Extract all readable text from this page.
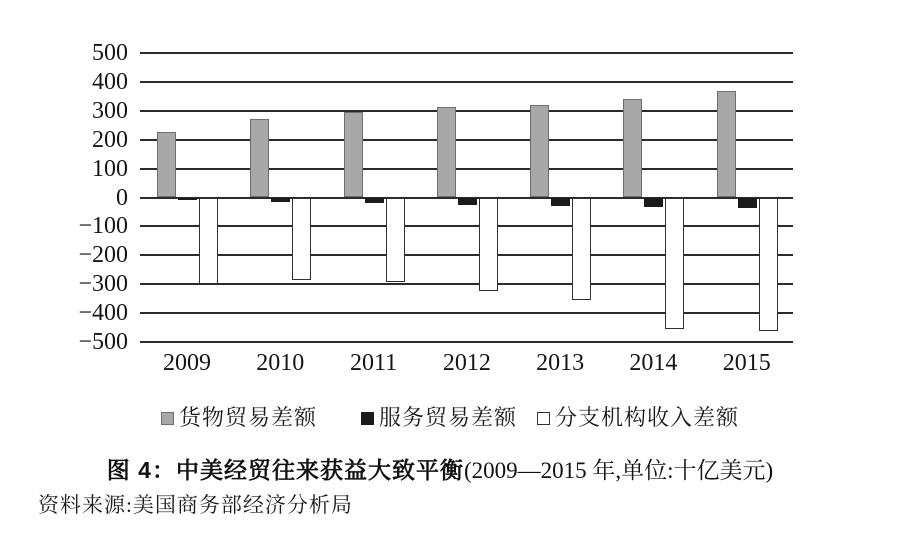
500
400
300
200
100
0
−100
−200
−300
−400
−500
2009	2010	2011	2012	2013	2014	2015
货物贸易差额	服务贸易差额 分支机构收入差额
图 4：中美经贸往来获益大致平衡(2009—2015 年,单位:十亿美元)
资料来源:美国商务部经济分析局
